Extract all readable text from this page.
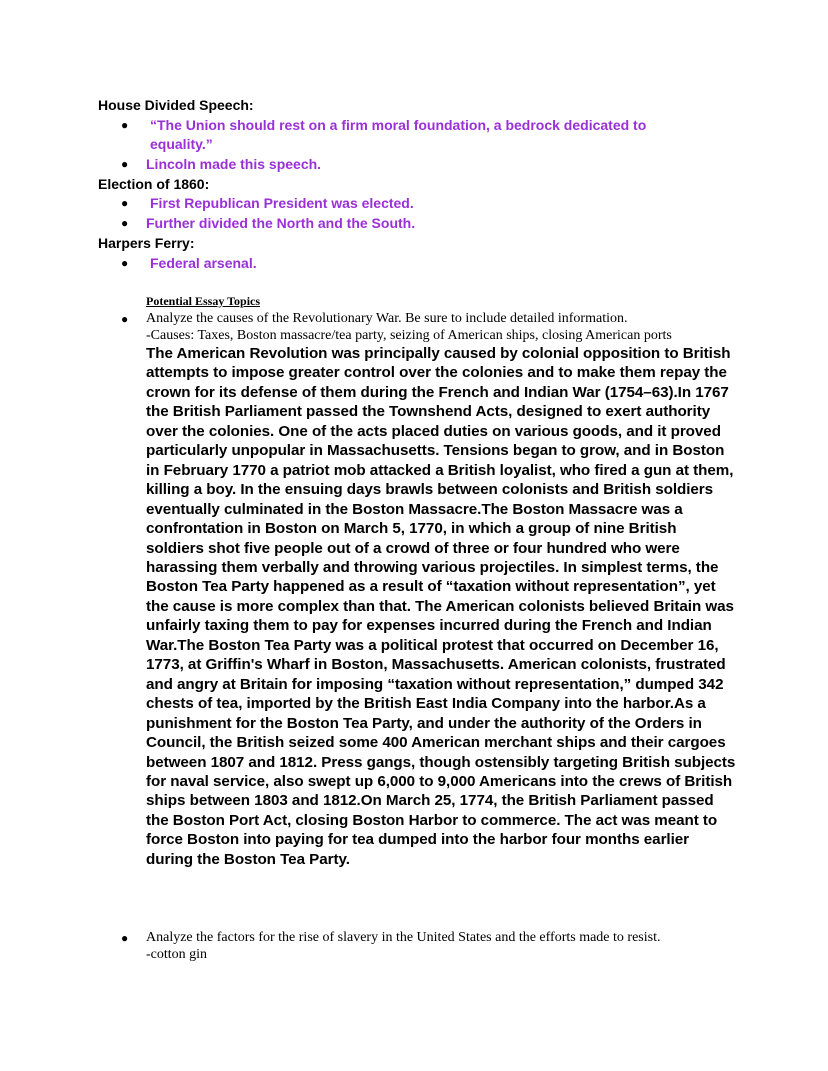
House Divided Speech:
● “The Union should rest on a firm moral foundation, a bedrock dedicated to equality.”
● Lincoln made this speech.
Election of 1860:
● First Republican President was elected.
● Further divided the North and the South.
Harpers Ferry:
● Federal arsenal.
Potential Essay Topics
● Analyze the causes of the Revolutionary War. Be sure to include detailed information.
-Causes: Taxes, Boston massacre/tea party, seizing of American ships, closing American ports
The American Revolution was principally caused by colonial opposition to British attempts to impose greater control over the colonies and to make them repay the crown for its defense of them during the French and Indian War (1754–63).In 1767 the British Parliament passed the Townshend Acts, designed to exert authority over the colonies. One of the acts placed duties on various goods, and it proved particularly unpopular in Massachusetts. Tensions began to grow, and in Boston in February 1770 a patriot mob attacked a British loyalist, who fired a gun at them, killing a boy. In the ensuing days brawls between colonists and British soldiers eventually culminated in the Boston Massacre.The Boston Massacre was a confrontation in Boston on March 5, 1770, in which a group of nine British soldiers shot five people out of a crowd of three or four hundred who were harassing them verbally and throwing various projectiles. In simplest terms, the Boston Tea Party happened as a result of “taxation without representation”, yet the cause is more complex than that. The American colonists believed Britain was unfairly taxing them to pay for expenses incurred during the French and Indian War.The Boston Tea Party was a political protest that occurred on December 16, 1773, at Griffin's Wharf in Boston, Massachusetts. American colonists, frustrated and angry at Britain for imposing “taxation without representation,” dumped 342 chests of tea, imported by the British East India Company into the harbor.As a punishment for the Boston Tea Party, and under the authority of the Orders in Council, the British seized some 400 American merchant ships and their cargoes between 1807 and 1812. Press gangs, though ostensibly targeting British subjects for naval service, also swept up 6,000 to 9,000 Americans into the crews of British ships between 1803 and 1812.On March 25, 1774, the British Parliament passed the Boston Port Act, closing Boston Harbor to commerce. The act was meant to force Boston into paying for tea dumped into the harbor four months earlier during the Boston Tea Party.
● Analyze the factors for the rise of slavery in the United States and the efforts made to resist.
-cotton gin
